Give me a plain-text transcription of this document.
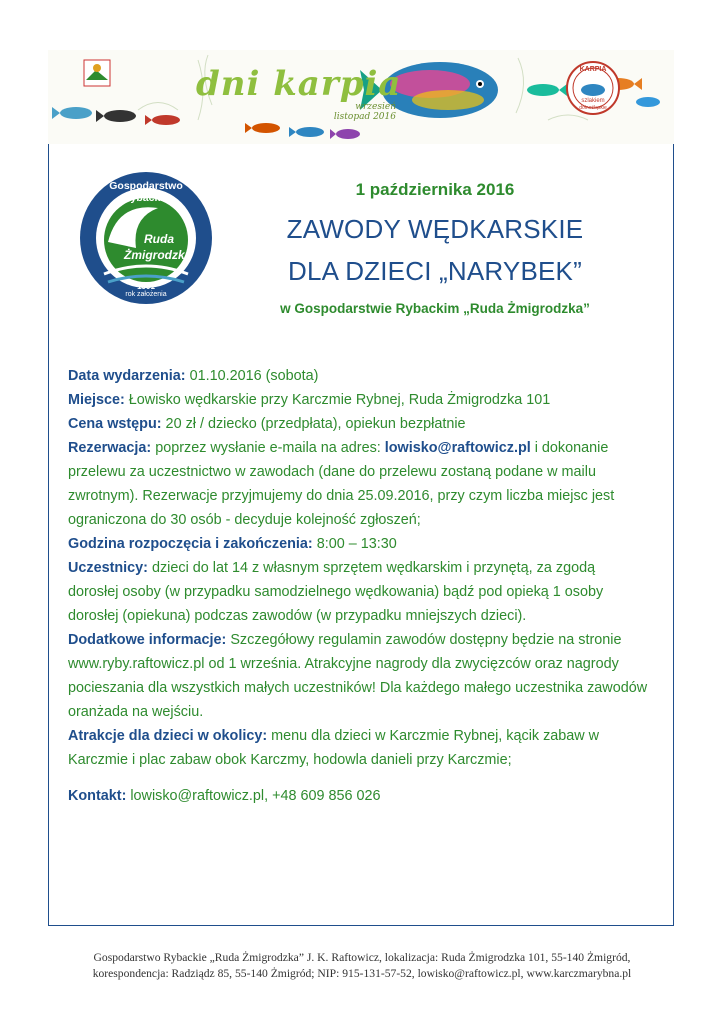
dni karpia
wrzesień
listopad 2016
KARPIA
szlakiem
dolnośląskie
Gospodarstwo Rybackie
Ruda
Żmigrodzka
1991
rok założenia
1 października 2016
ZAWODY WĘDKARSKIE
DLA DZIECI „NARYBEK”
w Gospodarstwie Rybackim „Ruda Żmigrodzka”

Data wydarzenia: 01.10.2016 (sobota)

Miejsce: Łowisko wędkarskie przy Karczmie Rybnej, Ruda Żmigrodzka 101

Cena wstępu: 20 zł / dziecko (przedpłata), opiekun bezpłatnie

Rezerwacja: poprzez wysłanie e-maila na adres: lowisko@raftowicz.pl i dokonanie przelewu za uczestnictwo w zawodach (dane do przelewu zostaną podane w mailu zwrotnym). Rezerwacje przyjmujemy do dnia 25.09.2016, przy czym liczba miejsc jest ograniczona do 30 osób - decyduje kolejność zgłoszeń;

Godzina rozpoczęcia i zakończenia: 8:00 – 13:30

Uczestnicy: dzieci do lat 14 z własnym sprzętem wędkarskim i przynętą, za zgodą dorosłej osoby (w przypadku samodzielnego wędkowania) bądź pod opieką 1 osoby dorosłej (opiekuna) podczas zawodów (w przypadku mniejszych dzieci).

Dodatkowe informacje: Szczegółowy regulamin zawodów dostępny będzie na stronie www.ryby.raftowicz.pl od 1 września. Atrakcyjne nagrody dla zwycięzców oraz nagrody pocieszania dla wszystkich małych uczestników! Dla każdego małego uczestnika zawodów oranżada na wejściu.

Atrakcje dla dzieci w okolicy: menu dla dzieci w Karczmie Rybnej, kącik zabaw w Karczmie i plac zabaw obok Karczmy, hodowla danieli przy Karczmie;

Kontakt: lowisko@raftowicz.pl, +48 609 856 026

Gospodarstwo Rybackie „Ruda Żmigrodzka” J. K. Raftowicz, lokalizacja: Ruda Żmigrodzka 101, 55-140 Żmigród,
korespondencja: Radziądz 85, 55-140 Żmigród; NIP: 915-131-57-52, lowisko@raftowicz.pl, www.karczmarybna.pl
